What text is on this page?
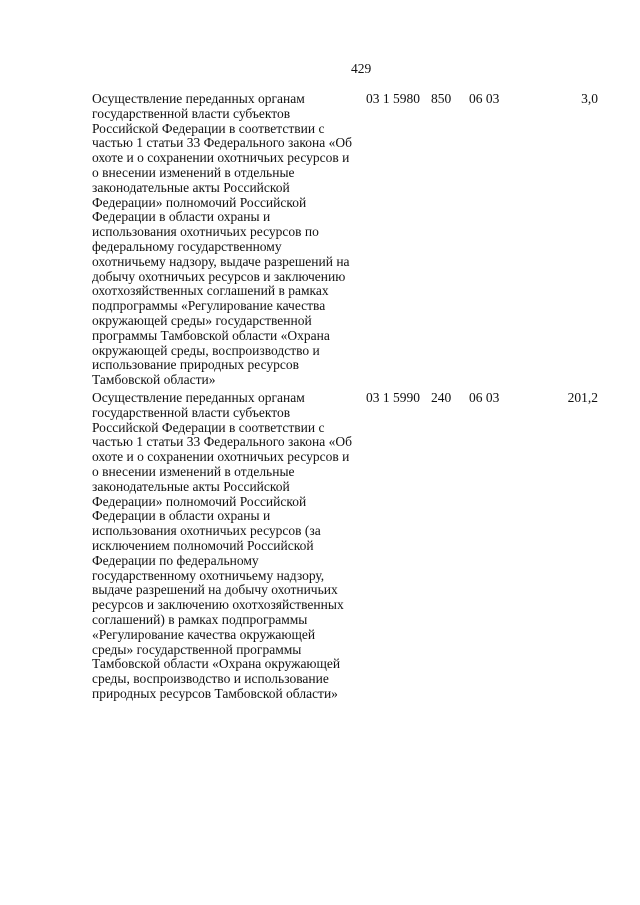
429
Осуществление переданных органам
государственной власти субъектов
Российской Федерации в соответствии с
частью 1 статьи 33 Федерального закона «Об
охоте и о сохранении охотничьих ресурсов и
о внесении изменений в отдельные
законодательные акты Российской
Федерации» полномочий Российской
Федерации в области охраны и
использования охотничьих ресурсов по
федеральному государственному
охотничьему надзору, выдаче разрешений на
добычу охотничьих ресурсов и заключению
охотхозяйственных соглашений в рамках
подпрограммы «Регулирование качества
окружающей среды» государственной
программы Тамбовской области «Охрана
окружающей среды, воспроизводство и
использование природных ресурсов
Тамбовской области»
03 1 5980 850 06 03	3,0
Осуществление переданных органам
государственной власти субъектов
Российской Федерации в соответствии с
частью 1 статьи 33 Федерального закона «Об
охоте и о сохранении охотничьих ресурсов и
о внесении изменений в отдельные
законодательные акты Российской
Федерации» полномочий Российской
Федерации в области охраны и
использования охотничьих ресурсов (за
исключением полномочий Российской
Федерации по федеральному
государственному охотничьему надзору,
выдаче разрешений на добычу охотничьих
ресурсов и заключению охотхозяйственных
соглашений) в рамках подпрограммы
«Регулирование качества окружающей
среды» государственной программы
Тамбовской области «Охрана окружающей
среды, воспроизводство и использование
природных ресурсов Тамбовской области»
03 1 5990 240 06 03	201,2
